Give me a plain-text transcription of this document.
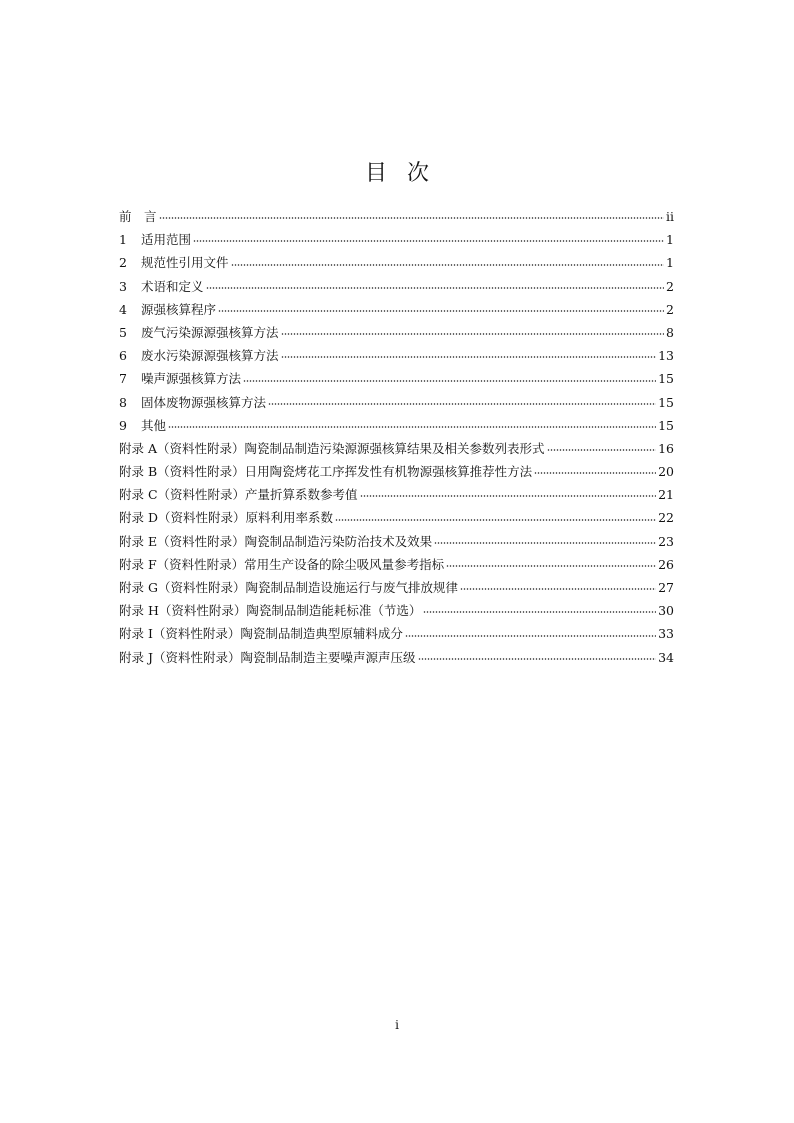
目次
前　言	ii
1	适用范围	1
2	规范性引用文件	1
3	术语和定义	2
4	源强核算程序	2
5	废气污染源源强核算方法	8
6	废水污染源源强核算方法	13
7	噪声源强核算方法	15
8	固体废物源强核算方法	15
9	其他	15
附录 A（资料性附录）陶瓷制品制造污染源源强核算结果及相关参数列表形式	16
附录 B（资料性附录）日用陶瓷烤花工序挥发性有机物源强核算推荐性方法	20
附录 C（资料性附录）产量折算系数参考值	21
附录 D（资料性附录）原料利用率系数	22
附录 E（资料性附录）陶瓷制品制造污染防治技术及效果	23
附录 F（资料性附录）常用生产设备的除尘吸风量参考指标	26
附录 G（资料性附录）陶瓷制品制造设施运行与废气排放规律	27
附录 H（资料性附录）陶瓷制品制造能耗标准（节选）	30
附录 I（资料性附录）陶瓷制品制造典型原辅料成分	33
附录 J（资料性附录）陶瓷制品制造主要噪声源声压级	34
i
